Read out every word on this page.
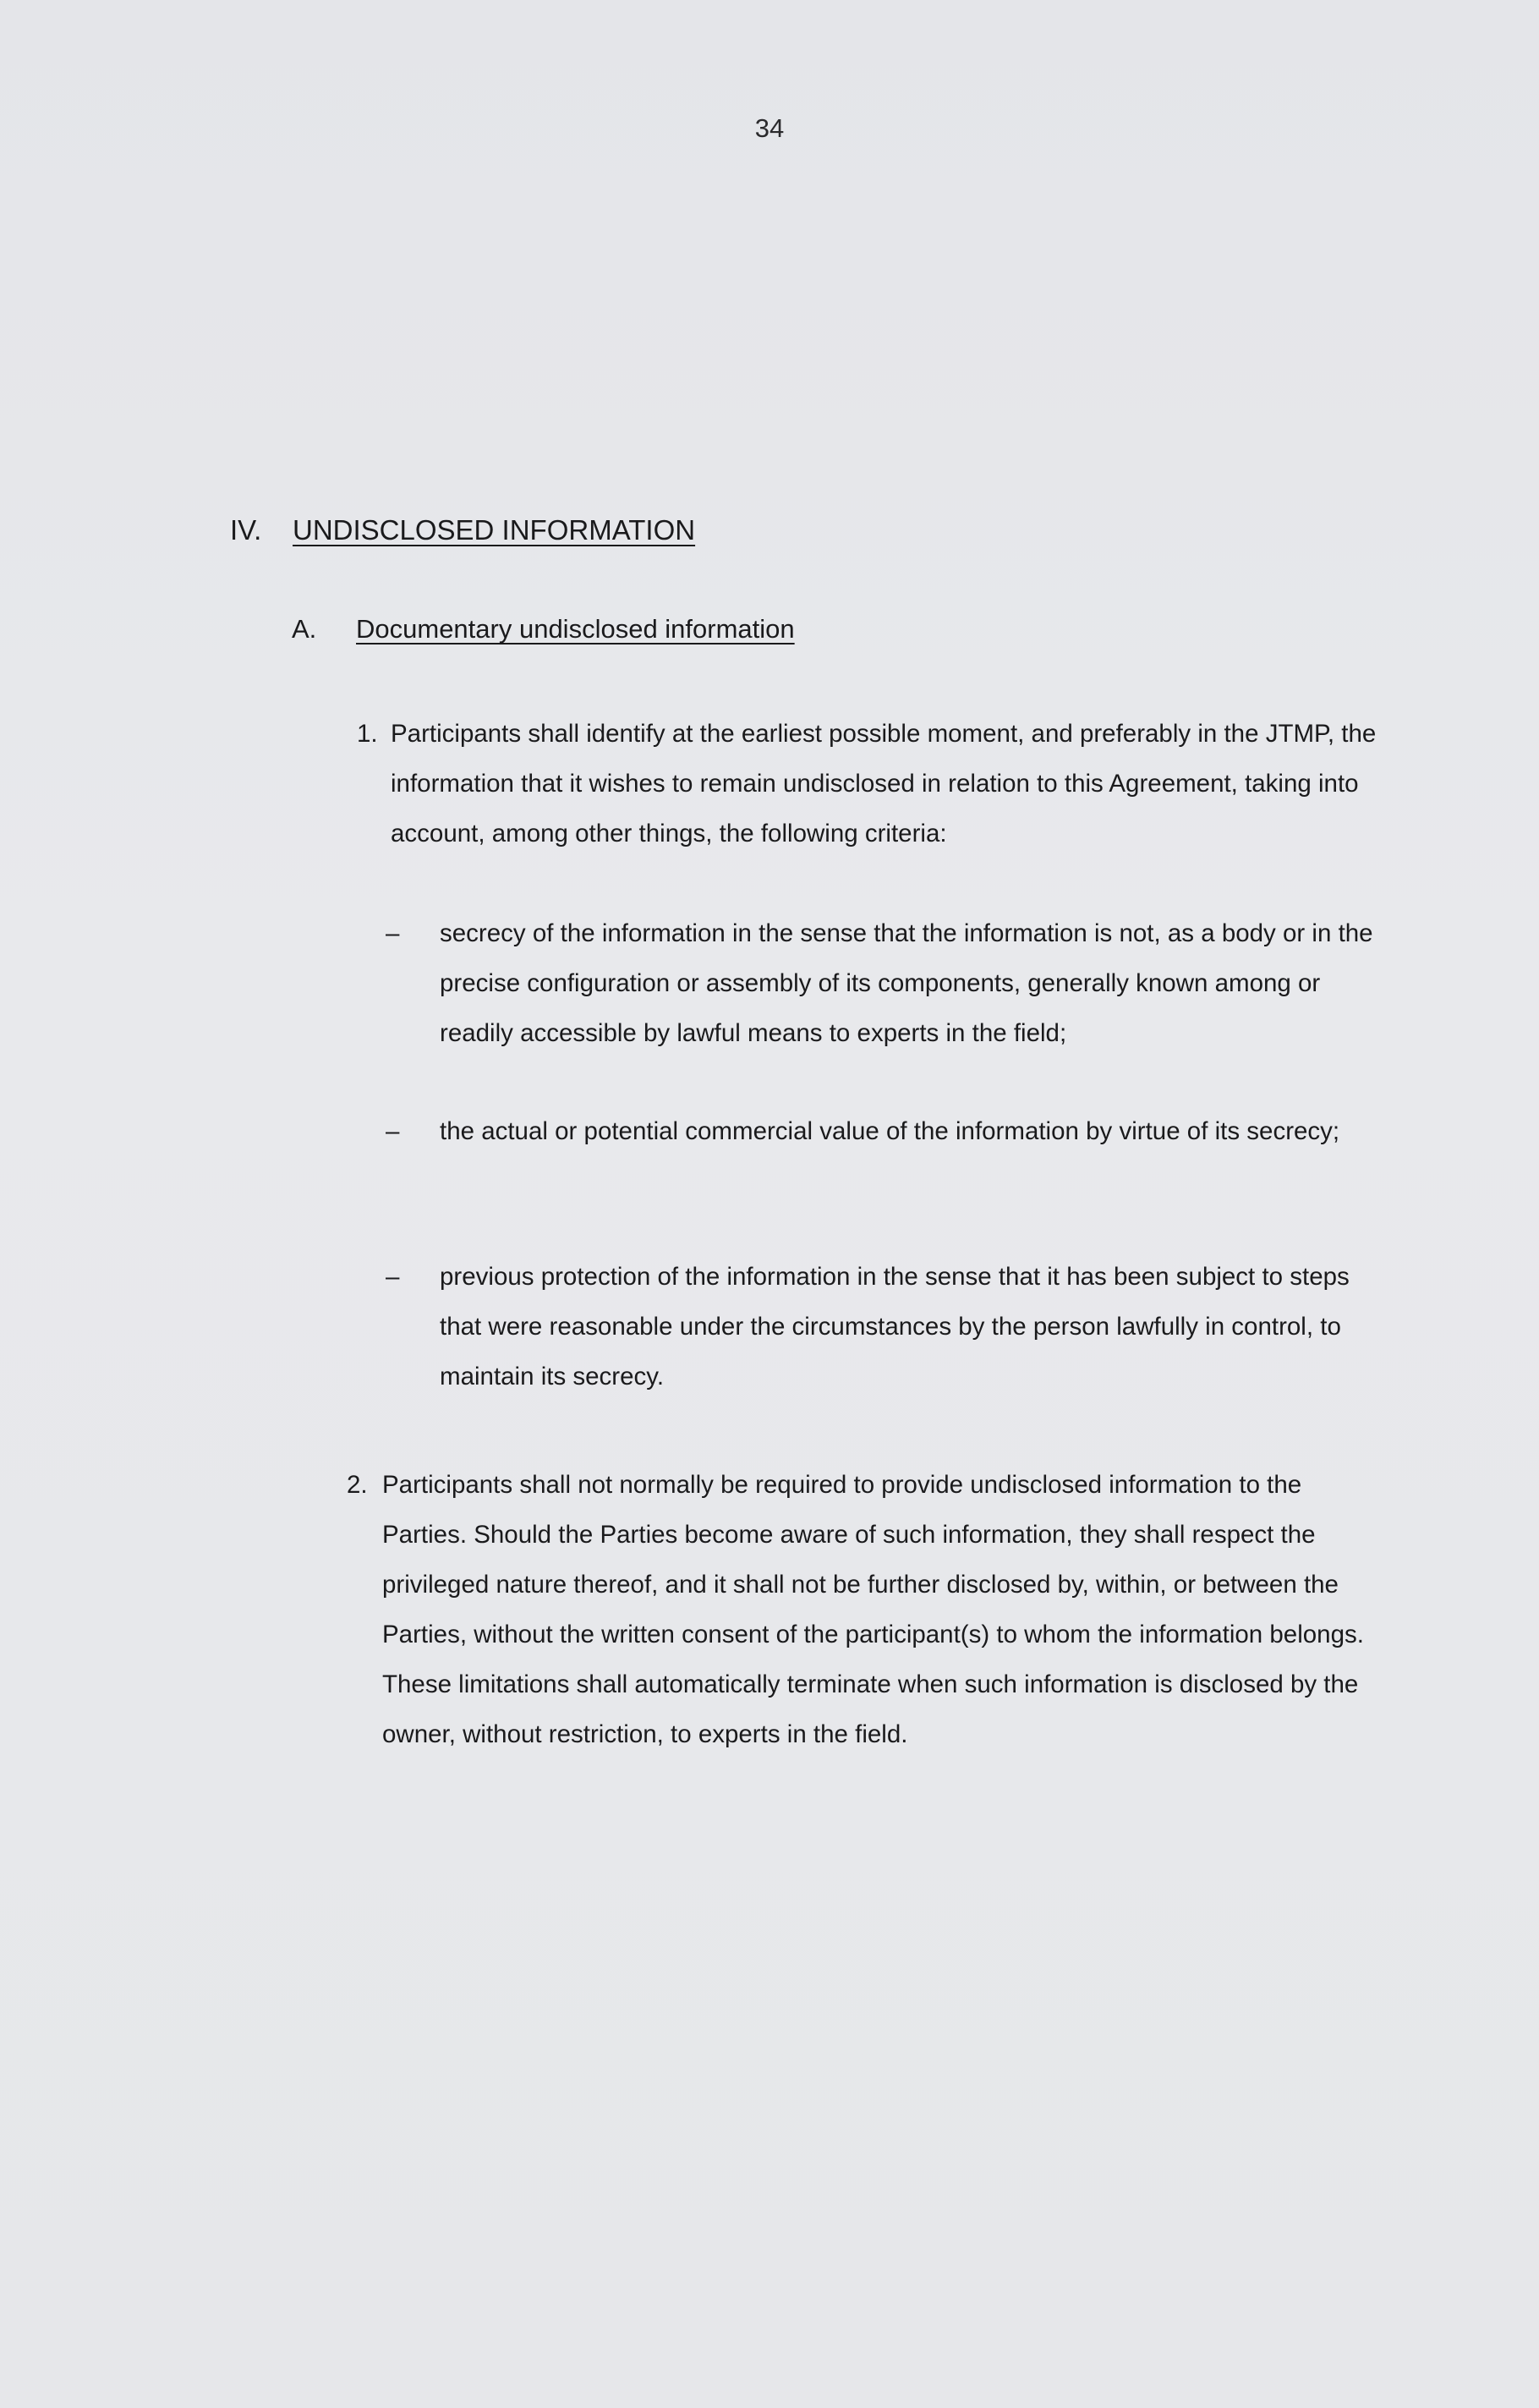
34
IV.	UNDISCLOSED INFORMATION
A.	Documentary undisclosed information
1. Participants shall identify at the earliest possible moment, and preferably in the JTMP, the information that it wishes to remain undisclosed in relation to this Agreement, taking into account, among other things, the following criteria:
–	secrecy of the information in the sense that the information is not, as a body or in the precise configuration or assembly of its components, generally known among or readily accessible by lawful means to experts in the field;
–	the actual or potential commercial value of the information by virtue of its secrecy;
–	previous protection of the information in the sense that it has been subject to steps that were reasonable under the circumstances by the person lawfully in control, to maintain its secrecy.
2. Participants shall not normally be required to provide undisclosed information to the Parties. Should the Parties become aware of such information, they shall respect the privileged nature thereof, and it shall not be further disclosed by, within, or between the Parties, without the written consent of the participant(s) to whom the information belongs. These limitations shall automatically terminate when such information is disclosed by the owner, without restriction, to experts in the field.
